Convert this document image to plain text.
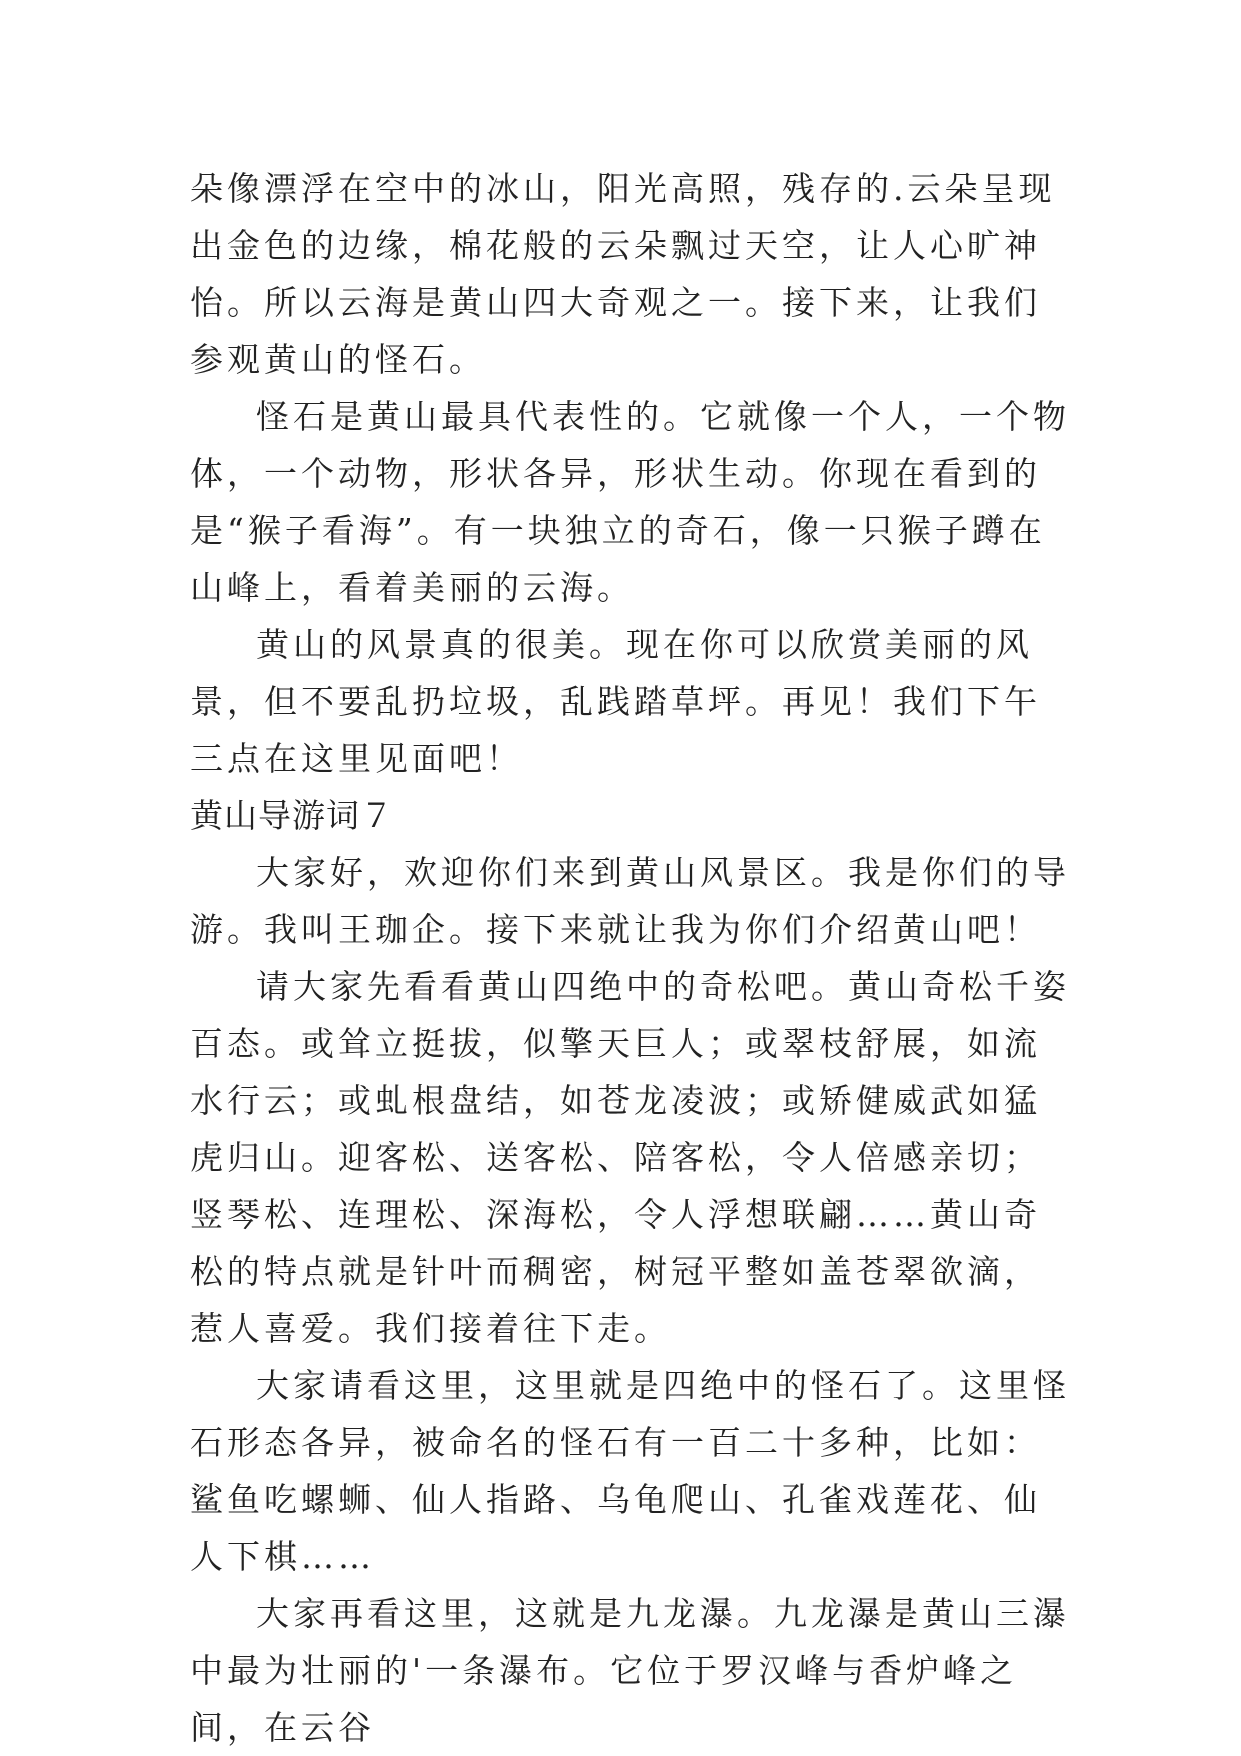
朵像漂浮在空中的冰山，阳光高照，残存的.云朵呈现出金色的边缘，棉花般的云朵飘过天空，让人心旷神怡。所以云海是黄山四大奇观之一。接下来，让我们参观黄山的怪石。

怪石是黄山最具代表性的。它就像一个人，一个物体，一个动物，形状各异，形状生动。你现在看到的是“猴子看海”。有一块独立的奇石，像一只猴子蹲在山峰上，看着美丽的云海。

黄山的风景真的很美。现在你可以欣赏美丽的风景，但不要乱扔垃圾，乱践踏草坪。再见！我们下午三点在这里见面吧！

黄山导游词７

大家好，欢迎你们来到黄山风景区。我是你们的导游。我叫王珈企。接下来就让我为你们介绍黄山吧！

请大家先看看黄山四绝中的奇松吧。黄山奇松千姿百态。或耸立挺拔，似擎天巨人；或翠枝舒展，如流水行云；或虬根盘结，如苍龙凌波；或矫健威武如猛虎归山。迎客松、送客松、陪客松，令人倍感亲切；竖琴松、连理松、深海松，令人浮想联翩……黄山奇松的特点就是针叶而稠密，树冠平整如盖苍翠欲滴，惹人喜爱。我们接着往下走。

大家请看这里，这里就是四绝中的怪石了。这里怪石形态各异，被命名的怪石有一百二十多种，比如：鲨鱼吃螺蛳、仙人指路、乌龟爬山、孔雀戏莲花、仙人下棋……

大家再看这里，这就是九龙瀑。九龙瀑是黄山三瀑中最为壮丽的'一条瀑布。它位于罗汉峰与香炉峰之间，在云谷
